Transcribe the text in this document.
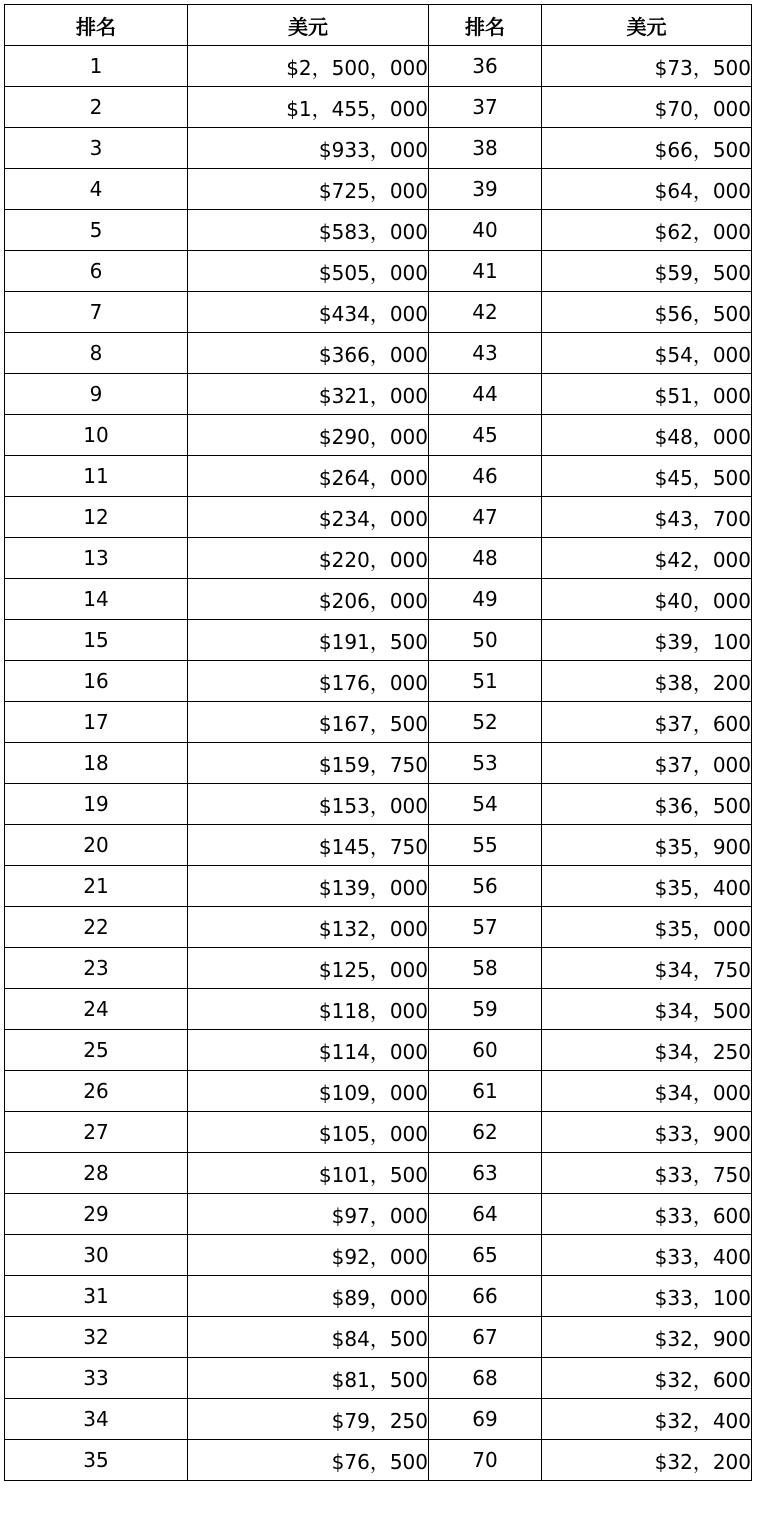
排名	美元	排名	美元
1	$2，500，000	36	$73，500
2	$1，455，000	37	$70，000
3	$933，000	38	$66，500
4	$725，000	39	$64，000
5	$583，000	40	$62，000
6	$505，000	41	$59，500
7	$434，000	42	$56，500
8	$366，000	43	$54，000
9	$321，000	44	$51，000
10	$290，000	45	$48，000
11	$264，000	46	$45，500
12	$234，000	47	$43，700
13	$220，000	48	$42，000
14	$206，000	49	$40，000
15	$191，500	50	$39，100
16	$176，000	51	$38，200
17	$167，500	52	$37，600
18	$159，750	53	$37，000
19	$153，000	54	$36，500
20	$145，750	55	$35，900
21	$139，000	56	$35，400
22	$132，000	57	$35，000
23	$125，000	58	$34，750
24	$118，000	59	$34，500
25	$114，000	60	$34，250
26	$109，000	61	$34，000
27	$105，000	62	$33，900
28	$101，500	63	$33，750
29	$97，000	64	$33，600
30	$92，000	65	$33，400
31	$89，000	66	$33，100
32	$84，500	67	$32，900
33	$81，500	68	$32，600
34	$79，250	69	$32，400
35	$76，500	70	$32，200
